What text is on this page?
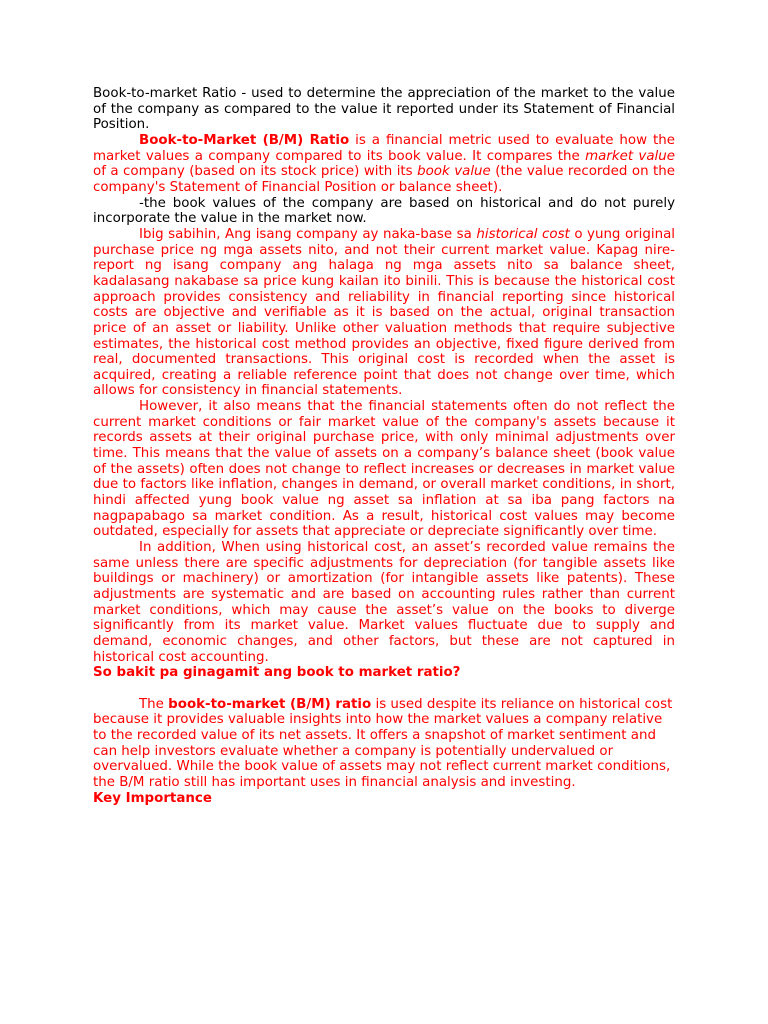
Book-to-market Ratio - used to determine the appreciation of the market to the value of the company as compared to the value it reported under its Statement of Financial Position.

Book-to-Market (B/M) Ratio is a financial metric used to evaluate how the market values a company compared to its book value. It compares the market value of a company (based on its stock price) with its book value (the value recorded on the company's Statement of Financial Position or balance sheet).

-the book values of the company are based on historical and do not purely incorporate the value in the market now.

Ibig sabihin, Ang isang company ay naka-base sa historical cost o yung original purchase price ng mga assets nito, and not their current market value. Kapag nire-report ng isang company ang halaga ng mga assets nito sa balance sheet, kadalasang nakabase sa price kung kailan ito binili. This is because the historical cost approach provides consistency and reliability in financial reporting since historical costs are objective and verifiable as it is based on the actual, original transaction price of an asset or liability. Unlike other valuation methods that require subjective estimates, the historical cost method provides an objective, fixed figure derived from real, documented transactions. This original cost is recorded when the asset is acquired, creating a reliable reference point that does not change over time, which allows for consistency in financial statements.

However, it also means that the financial statements often do not reflect the current market conditions or fair market value of the company's assets because it records assets at their original purchase price, with only minimal adjustments over time. This means that the value of assets on a company’s balance sheet (book value of the assets) often does not change to reflect increases or decreases in market value due to factors like inflation, changes in demand, or overall market conditions, in short, hindi affected yung book value ng asset sa inflation at sa iba pang factors na nagpapabago sa market condition. As a result, historical cost values may become outdated, especially for assets that appreciate or depreciate significantly over time.

In addition, When using historical cost, an asset’s recorded value remains the same unless there are specific adjustments for depreciation (for tangible assets like buildings or machinery) or amortization (for intangible assets like patents). These adjustments are systematic and are based on accounting rules rather than current market conditions, which may cause the asset’s value on the books to diverge significantly from its market value. Market values fluctuate due to supply and demand, economic changes, and other factors, but these are not captured in historical cost accounting.

So bakit pa ginagamit ang book to market ratio?

The book-to-market (B/M) ratio is used despite its reliance on historical cost because it provides valuable insights into how the market values a company relative to the recorded value of its net assets. It offers a snapshot of market sentiment and can help investors evaluate whether a company is potentially undervalued or overvalued. While the book value of assets may not reflect current market conditions, the B/M ratio still has important uses in financial analysis and investing.

Key Importance
